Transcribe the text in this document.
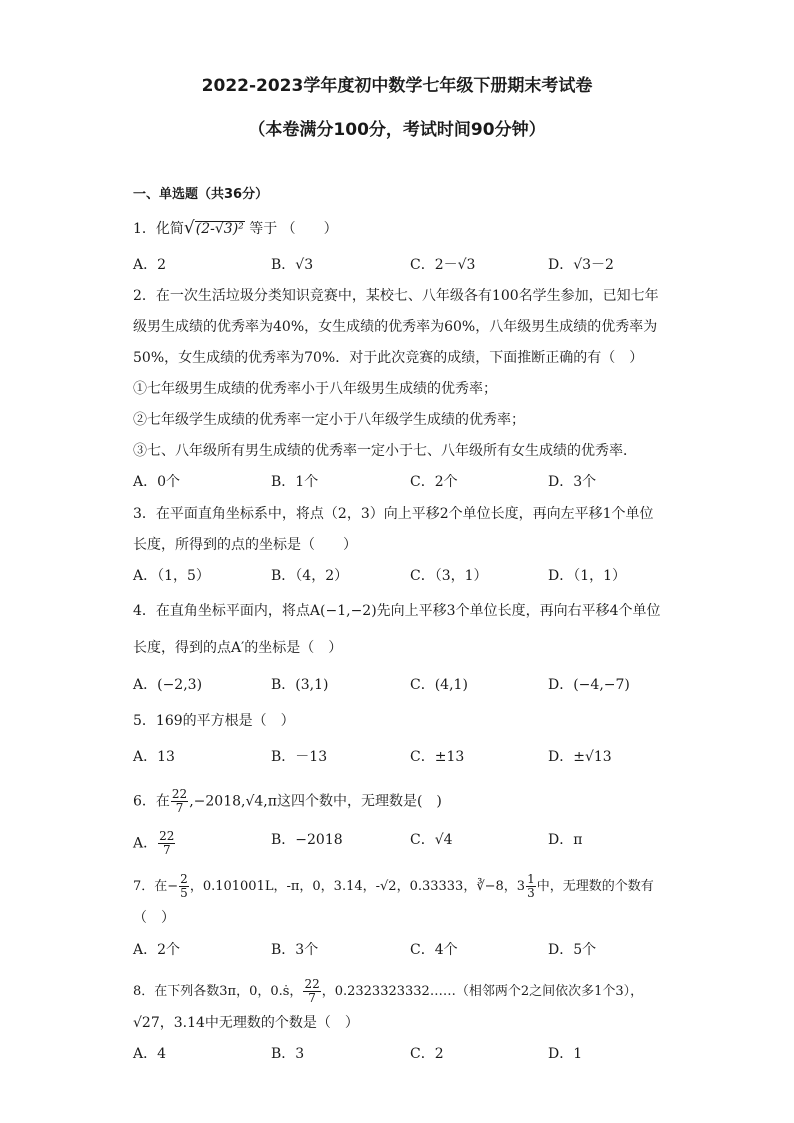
2022-2023学年度初中数学七年级下册期末考试卷
（本卷满分100分，考试时间90分钟）
一、单选题（共36分）
1．化简√(2-√3)² 等于 （　　）
A．2	B．√3	C．2－√3	D．√3－2
2．在一次生活垃圾分类知识竞赛中，某校七、八年级各有100名学生参加，已知七年
级男生成绩的优秀率为40%，女生成绩的优秀率为60%，八年级男生成绩的优秀率为
50%，女生成绩的优秀率为70%．对于此次竞赛的成绩，下面推断正确的有（　）
①七年级男生成绩的优秀率小于八年级男生成绩的优秀率；
②七年级学生成绩的优秀率一定小于八年级学生成绩的优秀率；
③七、八年级所有男生成绩的优秀率一定小于七、八年级所有女生成绩的优秀率．
A．0个	B．1个	C．2个	D．3个
3．在平面直角坐标系中，将点（2，3）向上平移2个单位长度，再向左平移1个单位
长度，所得到的点的坐标是（　　）
A．（1，5）	B．（4，2）	C．（3，1）	D．（1，1）
4．在直角坐标平面内，将点A(−1,−2)先向上平移3个单位长度，再向右平移4个单位
长度，得到的点A′的坐标是（　）
A．(−2,3)	B．(3,1)	C．(4,1)	D．(−4,−7)
5．169的平方根是（　）
A．13	B．－13	C．±13	D．±√13
6．在 $\frac{22}{7} ,-2018,√4,\pi$这四个数中，无理数是(　)
A． $\frac{22}{7}$	B．−2018	C．√4	D．π
7．在− $\frac{2}{5}$ ，0.101001L，-π，0，3.14，-√2，0.33333，∛−8，$3 \frac{1}{3}$ 中，无理数的个数有
（　）
A．2个	B．3个	C．4个	D．5个
8．在下列各数3π，0，0.ṡ， $\frac{22}{7}$ ，0.2323323332……（相邻两个2之间依次多1个3），
√27，3.14中无理数的个数是（　）
A．4	B．3	C．2	D．1
